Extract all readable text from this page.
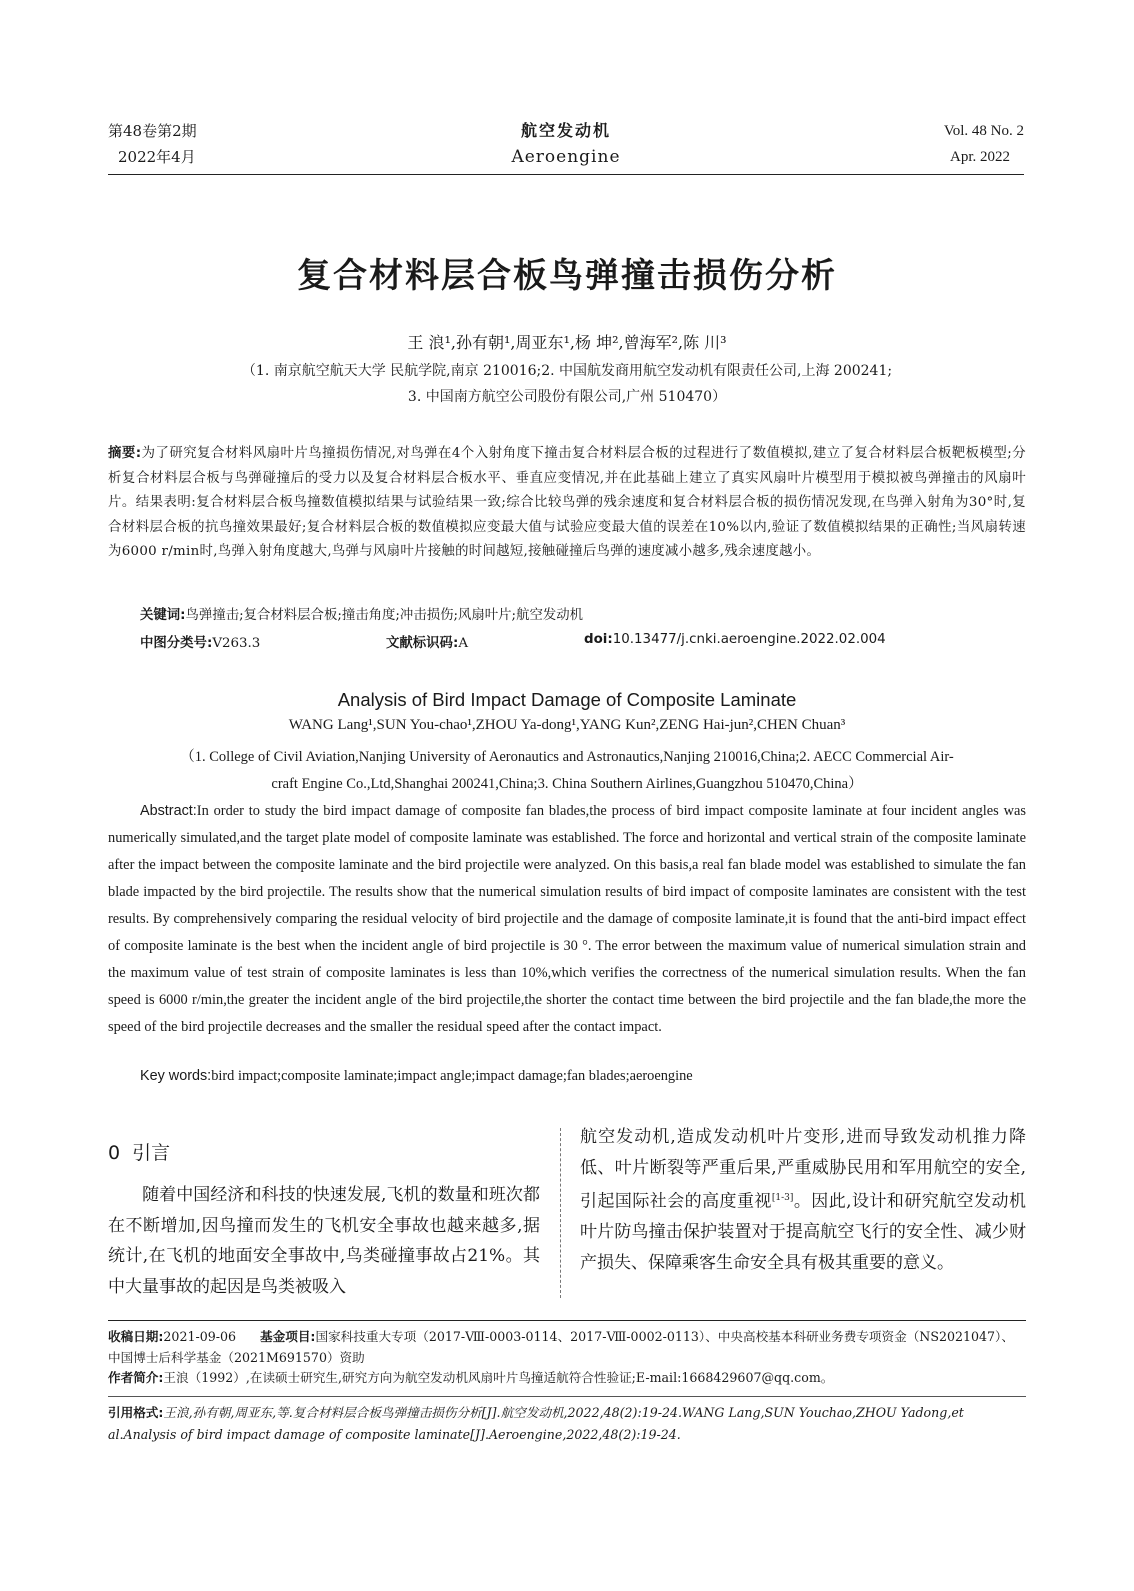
第48卷第2期
2022年4月
航空发动机
Aeroengine
Vol. 48 No. 2
Apr. 2022
复合材料层合板鸟弹撞击损伤分析
王 浪¹,孙有朝¹,周亚东¹,杨 坤²,曾海军²,陈 川³
（1. 南京航空航天大学 民航学院,南京 210016;2. 中国航发商用航空发动机有限责任公司,上海 200241;
3. 中国南方航空公司股份有限公司,广州 510470）
摘要:为了研究复合材料风扇叶片鸟撞损伤情况,对鸟弹在4个入射角度下撞击复合材料层合板的过程进行了数值模拟,建立了复合材料层合板靶板模型;分析复合材料层合板与鸟弹碰撞后的受力以及复合材料层合板水平、垂直应变情况,并在此基础上建立了真实风扇叶片模型用于模拟被鸟弹撞击的风扇叶片。结果表明:复合材料层合板鸟撞数值模拟结果与试验结果一致;综合比较鸟弹的残余速度和复合材料层合板的损伤情况发现,在鸟弹入射角为30°时,复合材料层合板的抗鸟撞效果最好;复合材料层合板的数值模拟应变最大值与试验应变最大值的误差在10%以内,验证了数值模拟结果的正确性;当风扇转速为6000 r/min时,鸟弹入射角度越大,鸟弹与风扇叶片接触的时间越短,接触碰撞后鸟弹的速度减小越多,残余速度越小。
关键词:鸟弹撞击;复合材料层合板;撞击角度;冲击损伤;风扇叶片;航空发动机
中图分类号:V263.3	文献标识码:A	doi:10.13477/j.cnki.aeroengine.2022.02.004
Analysis of Bird Impact Damage of Composite Laminate
WANG Lang¹,SUN You-chao¹,ZHOU Ya-dong¹,YANG Kun²,ZENG Hai-jun²,CHEN Chuan³
（1. College of Civil Aviation,Nanjing University of Aeronautics and Astronautics,Nanjing 210016,China;2. AECC Commercial Air-
craft Engine Co.,Ltd,Shanghai 200241,China;3. China Southern Airlines,Guangzhou 510470,China）
Abstract:In order to study the bird impact damage of composite fan blades,the process of bird impact composite laminate at four incident angles was numerically simulated,and the target plate model of composite laminate was established. The force and horizontal and vertical strain of the composite laminate after the impact between the composite laminate and the bird projectile were analyzed. On this basis,a real fan blade model was established to simulate the fan blade impacted by the bird projectile. The results show that the numerical simulation results of bird impact of composite laminates are consistent with the test results. By comprehensively comparing the residual velocity of bird projectile and the damage of composite laminate,it is found that the anti-bird impact effect of composite laminate is the best when the incident angle of bird projectile is 30 °. The error between the maximum value of numerical simulation strain and the maximum value of test strain of composite laminates is less than 10%,which verifies the correctness of the numerical simulation results. When the fan speed is 6000 r/min,the greater the incident angle of the bird projectile,the shorter the contact time between the bird projectile and the fan blade,the more the speed of the bird projectile decreases and the smaller the residual speed after the contact impact.
Key words:bird impact;composite laminate;impact angle;impact damage;fan blades;aeroengine
0  引言
随着中国经济和科技的快速发展,飞机的数量和班次都在不断增加,因鸟撞而发生的飞机安全事故也越来越多,据统计,在飞机的地面安全事故中,鸟类碰撞事故占21%。其中大量事故的起因是鸟类被吸入
航空发动机,造成发动机叶片变形,进而导致发动机推力降低、叶片断裂等严重后果,严重威胁民用和军用航空的安全,引起国际社会的高度重视[1-3]。因此,设计和研究航空发动机叶片防鸟撞击保护装置对于提高航空飞行的安全性、减少财产损失、保障乘客生命安全具有极其重要的意义。
收稿日期:2021-09-06 基金项目:国家科技重大专项（2017-Ⅷ-0003-0114、2017-Ⅷ-0002-0113）、中央高校基本科研业务费专项资金（NS2021047）、中国博士后科学基金（2021M691570）资助
作者简介:王浪（1992）,在读硕士研究生,研究方向为航空发动机风扇叶片鸟撞适航符合性验证;E-mail:1668429607@qq.com。
引用格式:王浪,孙有朝,周亚东,等.复合材料层合板鸟弹撞击损伤分析[J].航空发动机,2022,48(2):19-24.WANG Lang,SUN Youchao,ZHOU Yadong,et al.Analysis of bird impact damage of composite laminate[J].Aeroengine,2022,48(2):19-24.
